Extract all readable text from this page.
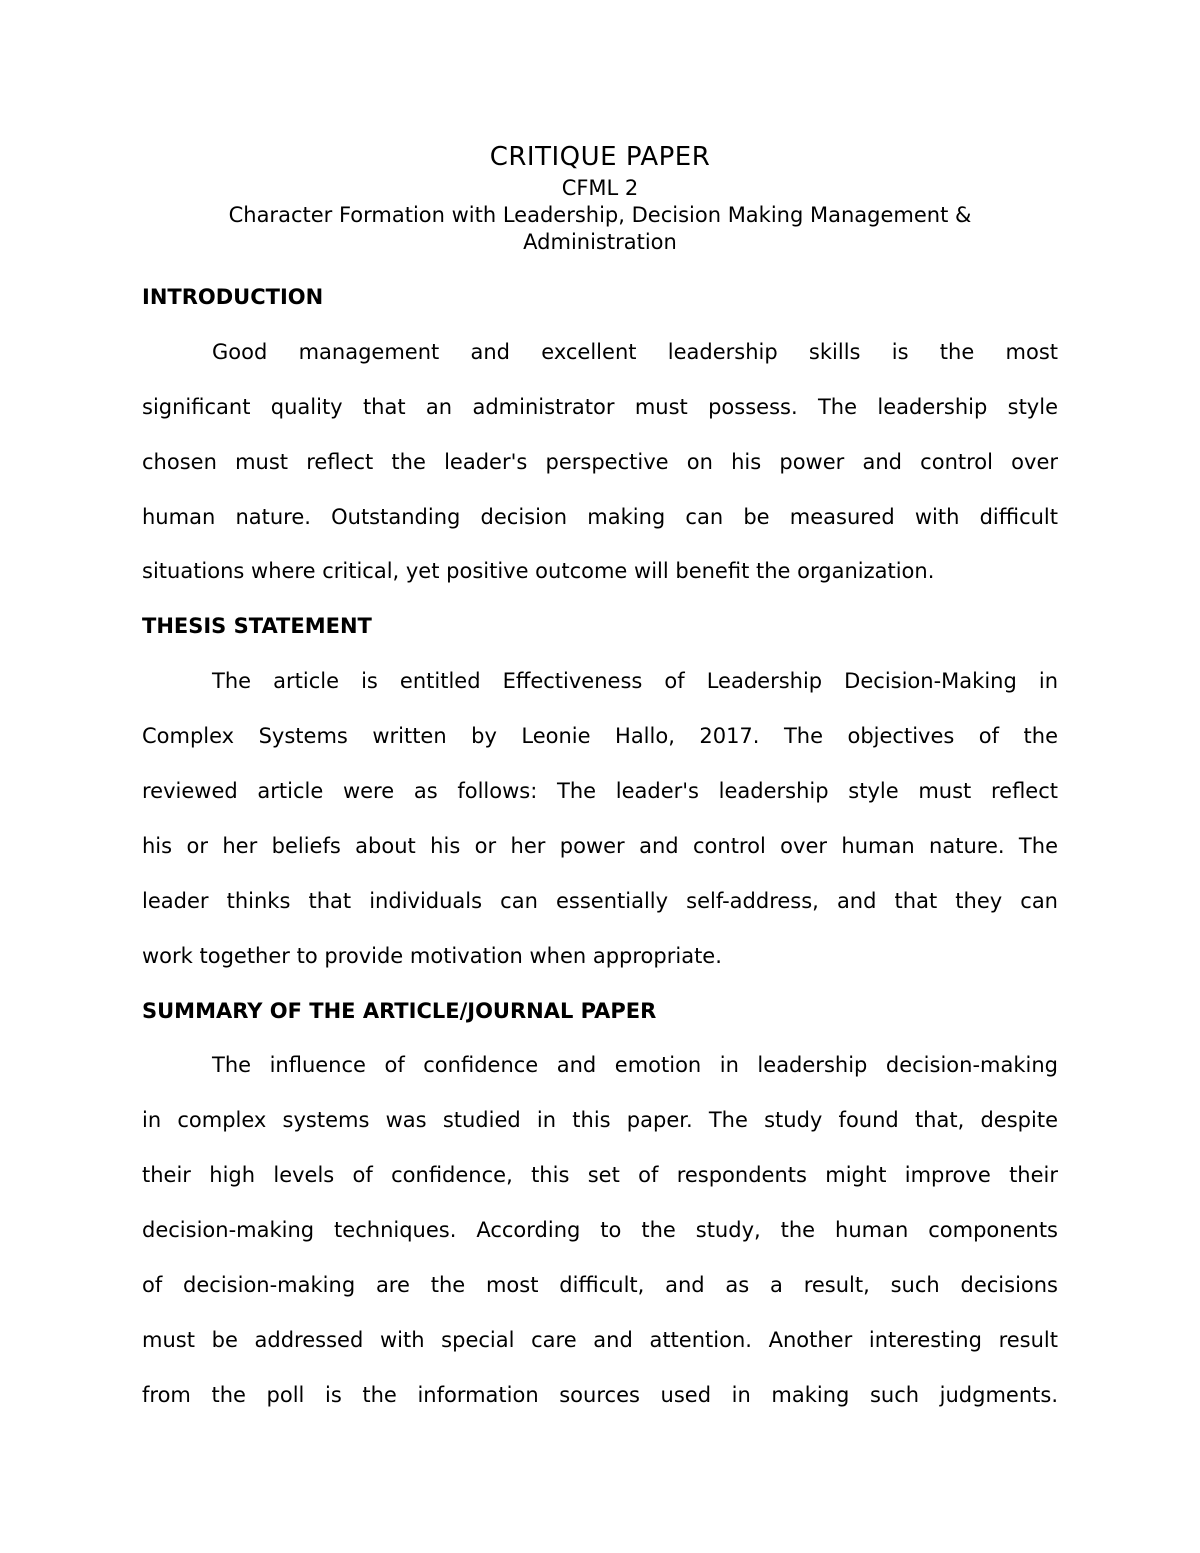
CRITIQUE PAPER
CFML 2
Character Formation with Leadership, Decision Making Management &
Administration
INTRODUCTION
Good management and excellent leadership skills is the most
significant quality that an administrator must possess. The leadership style
chosen must reflect the leader's perspective on his power and control over
human nature. Outstanding decision making can be measured with difficult
situations where critical, yet positive outcome will benefit the organization.
THESIS STATEMENT
The article is entitled Effectiveness of Leadership Decision-Making in
Complex Systems written by Leonie Hallo, 2017. The objectives of the
reviewed article were as follows: The leader's leadership style must reflect
his or her beliefs about his or her power and control over human nature. The
leader thinks that individuals can essentially self-address, and that they can
work together to provide motivation when appropriate.
SUMMARY OF THE ARTICLE/JOURNAL PAPER
The influence of confidence and emotion in leadership decision-making
in complex systems was studied in this paper. The study found that, despite
their high levels of confidence, this set of respondents might improve their
decision-making techniques. According to the study, the human components
of decision-making are the most difficult, and as a result, such decisions
must be addressed with special care and attention. Another interesting result
from the poll is the information sources used in making such judgments.
